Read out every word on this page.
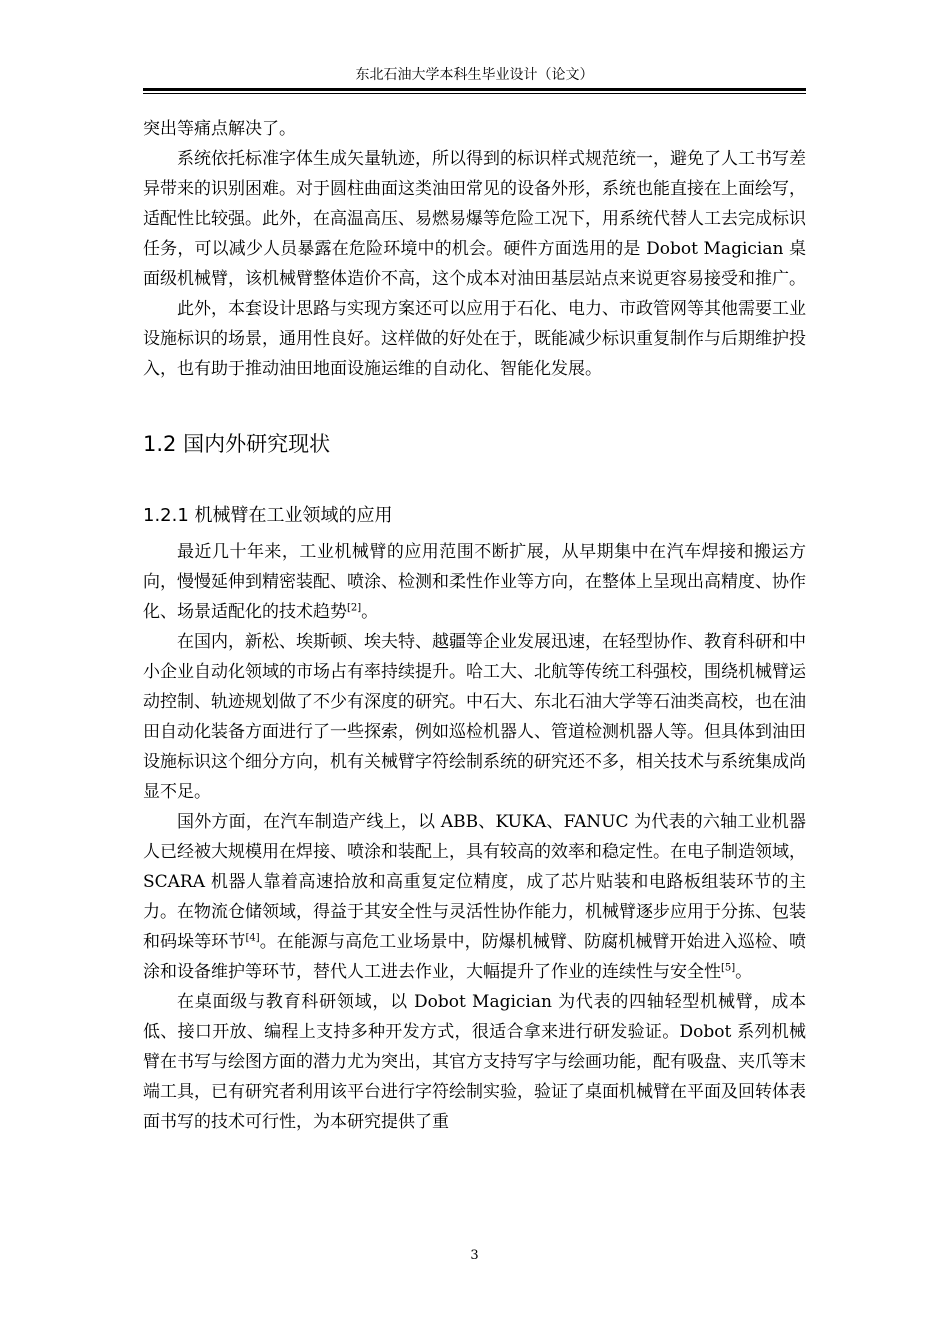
东北石油大学本科生毕业设计（论文）

突出等痛点解决了。

系统依托标准字体生成矢量轨迹，所以得到的标识样式规范统一，避免了人工书写差异带来的识别困难。对于圆柱曲面这类油田常见的设备外形，系统也能直接在上面绘写，适配性比较强。此外，在高温高压、易燃易爆等危险工况下，用系统代替人工去完成标识任务，可以减少人员暴露在危险环境中的机会。硬件方面选用的是 Dobot Magician 桌面级机械臂，该机械臂整体造价不高，这个成本对油田基层站点来说更容易接受和推广。

此外，本套设计思路与实现方案还可以应用于石化、电力、市政管网等其他需要工业设施标识的场景，通用性良好。这样做的好处在于，既能减少标识重复制作与后期维护投入，也有助于推动油田地面设施运维的自动化、智能化发展。

1.2 国内外研究现状
1.2.1 机械臂在工业领域的应用

最近几十年来，工业机械臂的应用范围不断扩展，从早期集中在汽车焊接和搬运方向，慢慢延伸到精密装配、喷涂、检测和柔性作业等方向，在整体上呈现出高精度、协作化、场景适配化的技术趋势[2]。

在国内，新松、埃斯顿、埃夫特、越疆等企业发展迅速，在轻型协作、教育科研和中小企业自动化领域的市场占有率持续提升。哈工大、北航等传统工科强校，围绕机械臂运动控制、轨迹规划做了不少有深度的研究。中石大、东北石油大学等石油类高校，也在油田自动化装备方面进行了一些探索，例如巡检机器人、管道检测机器人等。但具体到油田设施标识这个细分方向，机有关械臂字符绘制系统的研究还不多，相关技术与系统集成尚显不足。

国外方面，在汽车制造产线上，以 ABB、KUKA、FANUC 为代表的六轴工业机器人已经被大规模用在焊接、喷涂和装配上，具有较高的效率和稳定性。在电子制造领域，SCARA 机器人靠着高速拾放和高重复定位精度，成了芯片贴装和电路板组装环节的主力。在物流仓储领域，得益于其安全性与灵活性协作能力，机械臂逐步应用于分拣、包装和码垛等环节[4]。在能源与高危工业场景中，防爆机械臂、防腐机械臂开始进入巡检、喷涂和设备维护等环节，替代人工进去作业，大幅提升了作业的连续性与安全性[5]。

在桌面级与教育科研领域，以 Dobot Magician 为代表的四轴轻型机械臂，成本低、接口开放、编程上支持多种开发方式，很适合拿来进行研发验证。Dobot 系列机械臂在书写与绘图方面的潜力尤为突出，其官方支持写字与绘画功能，配有吸盘、夹爪等末端工具，已有研究者利用该平台进行字符绘制实验，验证了桌面机械臂在平面及回转体表面书写的技术可行性，为本研究提供了重

3
